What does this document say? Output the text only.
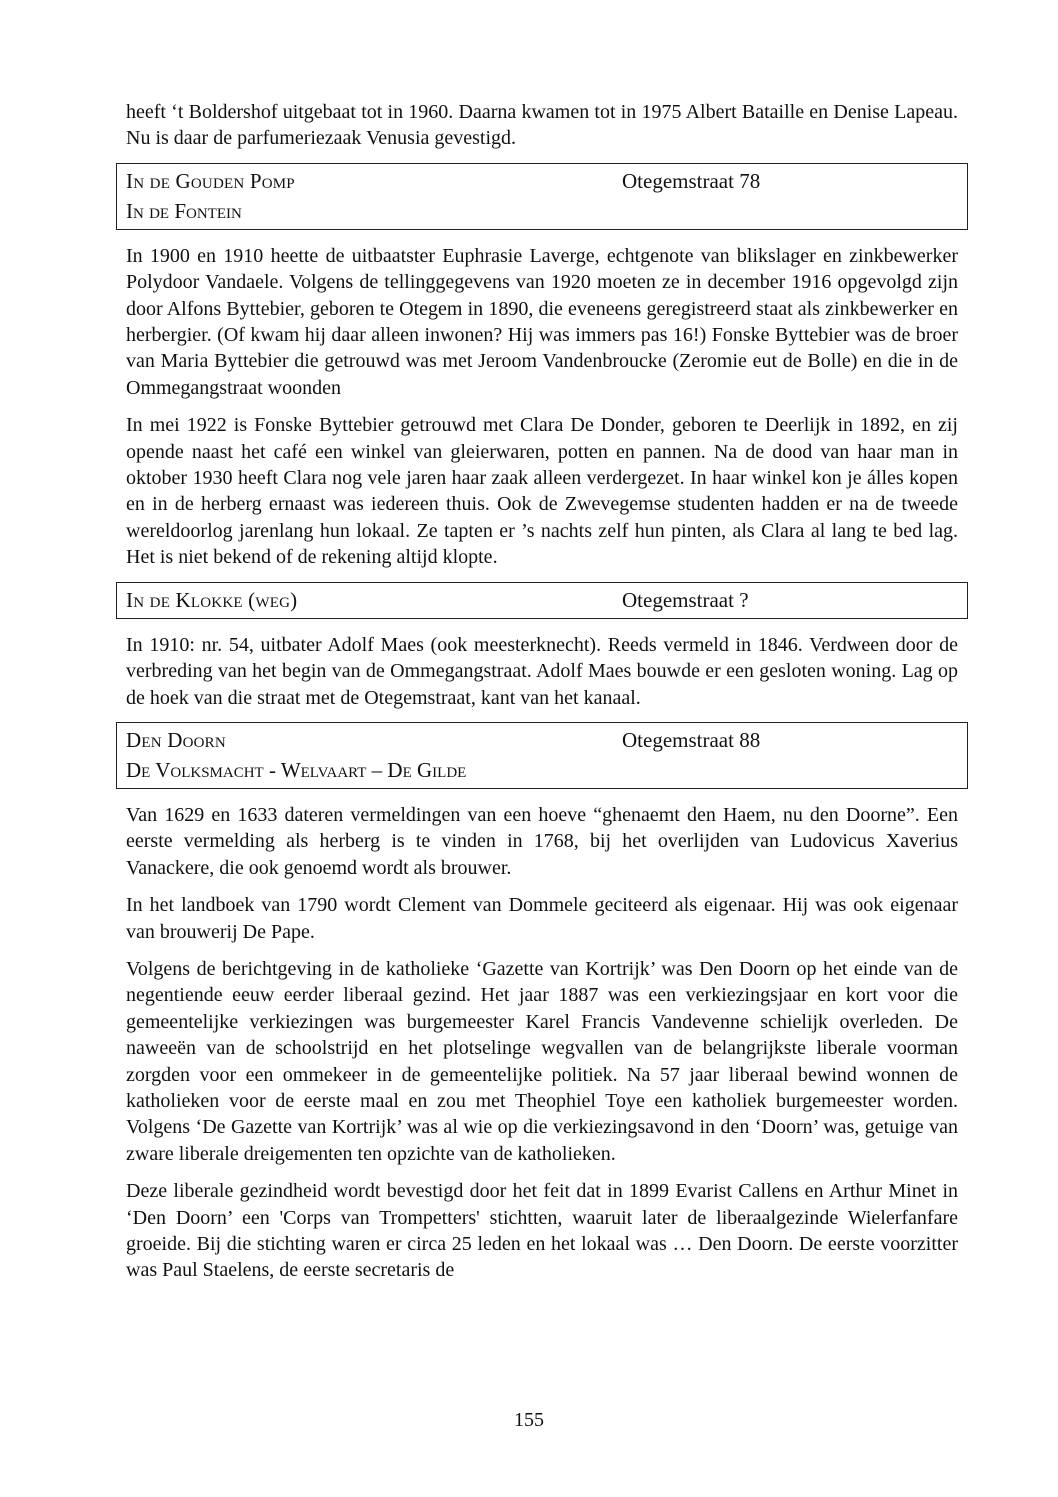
heeft ‘t Boldershof uitgebaat tot in 1960. Daarna kwamen tot in 1975 Albert Bataille en Denise Lapeau. Nu is daar de parfumeriezaak Venusia gevestigd.

In de Gouden Pomp	Otegemstraat 78
In de Fontein

In 1900 en 1910 heette de uitbaatster Euphrasie Laverge, echtgenote van blikslager en zinkbewerker Polydoor Vandaele. Volgens de tellinggegevens van 1920 moeten ze in december 1916 opgevolgd zijn door Alfons Byttebier, geboren te Otegem in 1890, die eveneens geregistreerd staat als zinkbewerker en herbergier. (Of kwam hij daar alleen inwonen? Hij was immers pas 16!) Fonske Byttebier was de broer van Maria Byttebier die getrouwd was met Jeroom Vandenbroucke (Zeromie eut de Bolle) en die in de Ommegangstraat woonden

In mei 1922 is Fonske Byttebier getrouwd met Clara De Donder, geboren te Deerlijk in 1892, en zij opende naast het café een winkel van gleierwaren, potten en pannen. Na de dood van haar man in oktober 1930 heeft Clara nog vele jaren haar zaak alleen verdergezet. In haar winkel kon je álles kopen en in de herberg ernaast was iedereen thuis. Ook de Zwevegemse studenten hadden er na de tweede wereldoorlog jarenlang hun lokaal. Ze tapten er ’s nachts zelf hun pinten, als Clara al lang te bed lag. Het is niet bekend of de rekening altijd klopte.

In de Klokke (weg)	Otegemstraat ?

In 1910: nr. 54, uitbater Adolf Maes (ook meesterknecht). Reeds vermeld in 1846. Verdween door de verbreding van het begin van de Ommegangstraat. Adolf Maes bouwde er een gesloten woning. Lag op de hoek van die straat met de Otegemstraat, kant van het kanaal.

Den Doorn	Otegemstraat 88
De Volksmacht - Welvaart – De Gilde

Van 1629 en 1633 dateren vermeldingen van een hoeve “ghenaemt den Haem, nu den Doorne”. Een eerste vermelding als herberg is te vinden in 1768, bij het overlijden van Ludovicus Xaverius Vanackere, die ook genoemd wordt als brouwer.

In het landboek van 1790 wordt Clement van Dommele geciteerd als eigenaar. Hij was ook eigenaar van brouwerij De Pape.

Volgens de berichtgeving in de katholieke ‘Gazette van Kortrijk’ was Den Doorn op het einde van de negentiende eeuw eerder liberaal gezind. Het jaar 1887 was een verkiezingsjaar en kort voor die gemeentelijke verkiezingen was burgemeester Karel Francis Vandevenne schielijk overleden. De naweeën van de schoolstrijd en het plotselinge wegvallen van de belangrijkste liberale voorman zorgden voor een ommekeer in de gemeentelijke politiek. Na 57 jaar liberaal bewind wonnen de katholieken voor de eerste maal en zou met Theophiel Toye een katholiek burgemeester worden. Volgens ‘De Gazette van Kortrijk’ was al wie op die verkiezingsavond in den ‘Doorn’ was, getuige van zware liberale dreigementen ten opzichte van de katholieken.

Deze liberale gezindheid wordt bevestigd door het feit dat in 1899 Evarist Callens en Arthur Minet in ‘Den Doorn’ een 'Corps van Trompetters' stichtten, waaruit later de liberaalgezinde Wielerfanfare groeide. Bij die stichting waren er circa 25 leden en het lokaal was … Den Doorn. De eerste voorzitter was Paul Staelens, de eerste secretaris de

155
